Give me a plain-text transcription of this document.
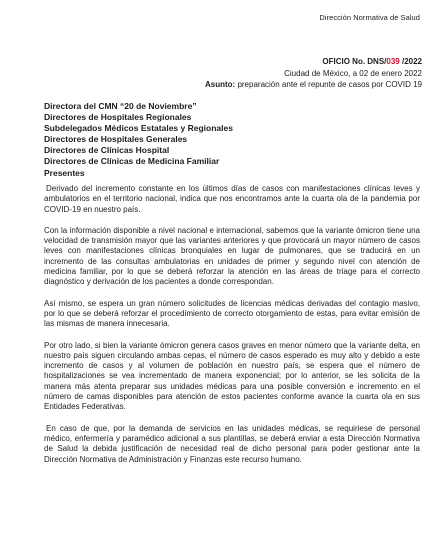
Dirección Normativa de Salud
OFICIO No. DNS/039 /2022
Ciudad de México, a 02 de enero 2022
Asunto: preparación ante el repunte de casos por COVID 19
Directora del CMN “20 de Noviembre”
Directores de Hospitales Regionales
Subdelegados Médicos Estatales y Regionales
Directores de Hospitales Generales
Directores de Clínicas Hospital
Directores de Clínicas de Medicina Familiar
Presentes

Derivado del incremento constante en los últimos días de casos con manifestaciones clínicas leves y ambulatorios en el territorio nacional, indica que nos encontramos ante la cuarta ola de la pandemia por COVID-19 en nuestro país.

Con la información disponible a nivel nacional e internacional, sabemos que la variante ómicron tiene una velocidad de transmisión mayor que las variantes anteriores y que provocará un mayor número de casos leves con manifestaciones clínicas bronquiales en lugar de pulmonares, que se traducirá en un incremento de las consultas ambulatorias en unidades de primer y segundo nivel con atención de medicina familiar, por lo que se deberá reforzar la atención en las áreas de triage para el correcto diagnóstico y derivación de los pacientes a donde correspondan.

Así mismo, se espera un gran número solicitudes de licencias médicas derivadas del contagio masivo, por lo que se deberá reforzar el procedimiento de correcto otorgamiento de estas, para evitar emisión de las mismas de manera innecesaria.

Por otro lado, si bien la variante ómicron genera casos graves en menor número que la variante delta, en nuestro país siguen circulando ambas cepas, el número de casos esperado es muy alto y debido a este incremento de casos y al volumen de población en nuestro país, se espera que el número de hospitalizaciones se vea incrementado de manera exponencial; por lo anterior, se les solicita de la manera más atenta preparar sus unidades médicas para una posible conversión e incremento en el número de camas disponibles para atención de estos pacientes conforme avance la cuarta ola en sus Entidades Federativas.

En caso de que, por la demanda de servicios en las unidades médicas, se requiriese de personal médico, enfermería y paramédico adicional a sus plantillas, se deberá enviar a esta Dirección Normativa de Salud la debida justificación de necesidad real de dicho personal para poder gestionar ante la Dirección Normativa de Administración y Finanzas este recurso humano.
